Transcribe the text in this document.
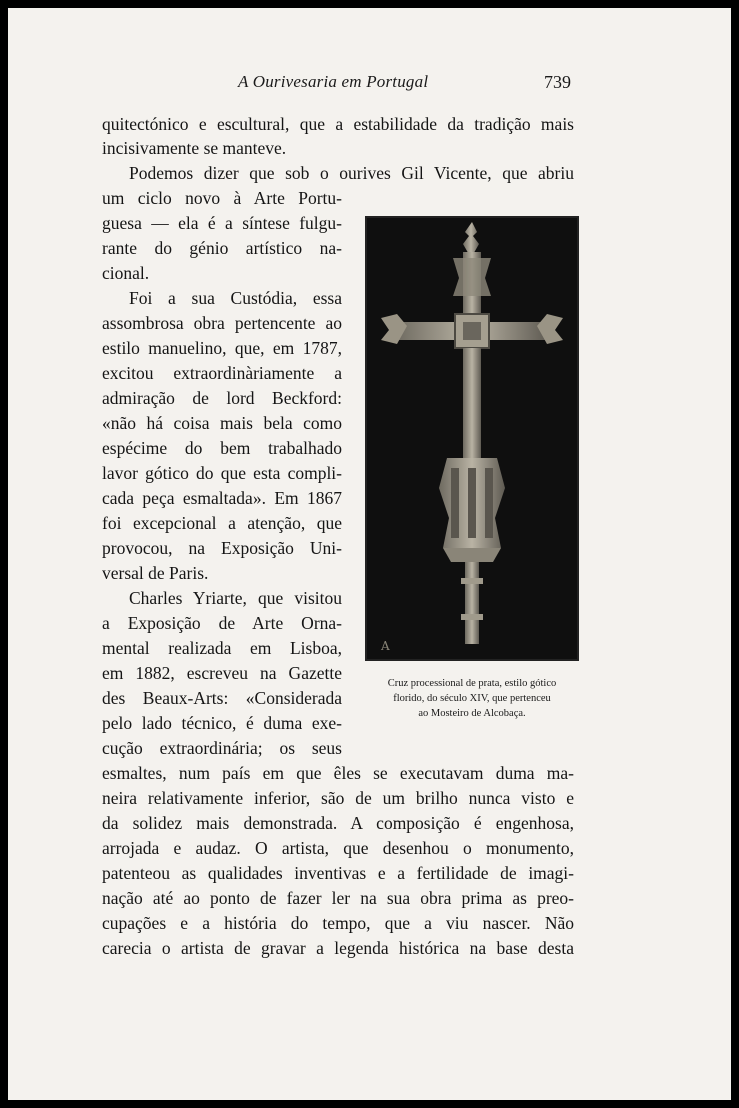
A Ourivesaria em Portugal	739
quitectónico e escultural, que a estabilidade da tradição mais
incisivamente se manteve.
Podemos dizer que sob o ourives Gil Vicente, que abriu
um ciclo novo à Arte Portu-
guesa — ela é a síntese fulgu-
rante do génio artístico na-
cional.
Foi a sua Custódia, essa
assombrosa obra pertencente ao
estilo manuelino, que, em 1787,
excitou extraordinàriamente a
admiração de lord Beckford:
«não há coisa mais bela como
espécime do bem trabalhado
lavor gótico do que esta compli-
cada peça esmaltada». Em 1867
foi excepcional a atenção, que
provocou, na Exposição Uni-
versal de Paris.
Charles Yriarte, que visitou
a Exposição de Arte Orna-
mental realizada em Lisboa,
em 1882, escreveu na Gazette
des Beaux-Arts: «Considerada
pelo lado técnico, é duma exe-
cução extraordinária; os seus
esmaltes, num país em que êles se executavam duma ma-
neira relativamente inferior, são de um brilho nunca visto e
da solidez mais demonstrada. A composição é engenhosa,
arrojada e audaz. O artista, que desenhou o monumento,
patenteou as qualidades inventivas e a fertilidade de imagi-
nação até ao ponto de fazer ler na sua obra prima as preo-
cupações e a história do tempo, que a viu nascer. Não
carecia o artista de gravar a legenda histórica na base desta
A
Cruz processional de prata, estilo gótico
florido, do século XIV, que pertenceu
ao Mosteiro de Alcobaça.
